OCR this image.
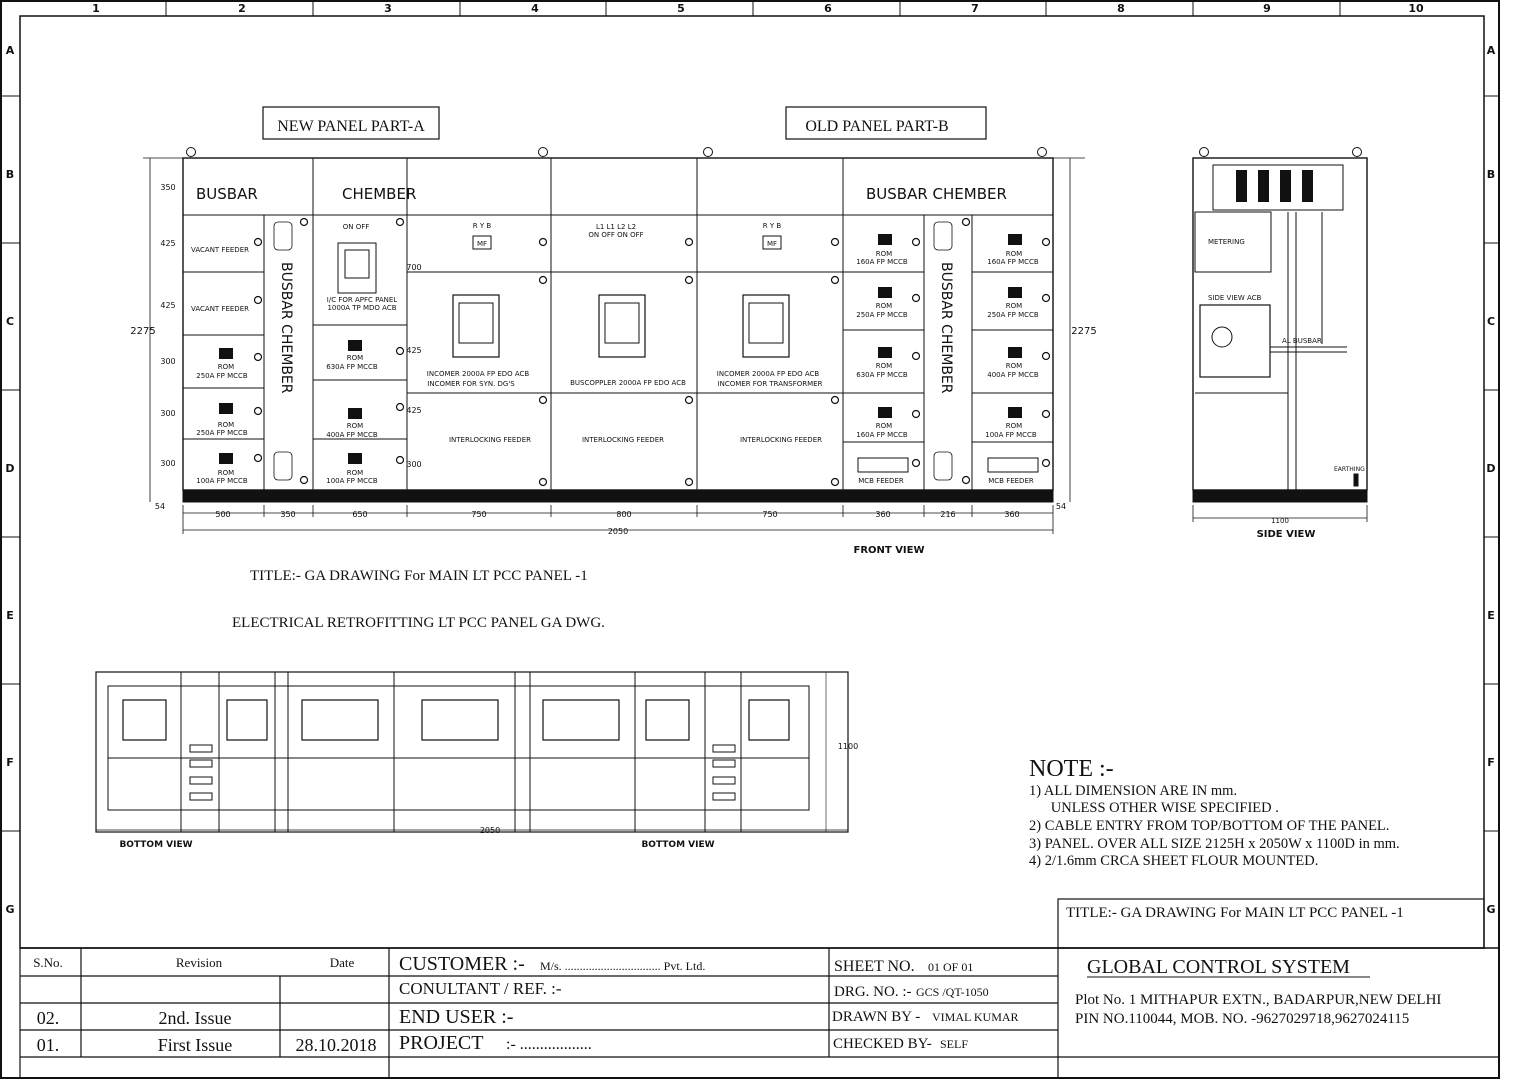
1	2	3	4	5	6	7	8	9	10
A
B
C
D
E
F
G
A
B
C
D
E
F
G
NEW PANEL PART-A	OLD PANEL PART-B
BUSBAR	CHEMBER	BUSBAR CHEMBER
BUSBAR CHEMBER	BUSBAR CHEMBER
VACANT FEEDER
VACANT FEEDER
ROM
250A FP MCCB
ROM
250A FP MCCB
ROM
100A FP MCCB
ON OFF
I/C FOR APFC PANEL
1000A TP MDO ACB
ROM
630A FP MCCB
ROM
400A FP MCCB
ROM
100A FP MCCB
R Y B
MF
L1 L1 L2 L2
ON OFF ON OFF
R Y B
MF
INCOMER 2000A FP EDO ACB
INCOMER FOR SYN. DG'S	BUSCOPPLER 2000A FP EDO ACB
INCOMER 2000A FP EDO ACB
INCOMER FOR TRANSFORMER
INTERLOCKING FEEDER	INTERLOCKING FEEDER	INTERLOCKING FEEDER
ROM
160A FP MCCB
ROM
250A FP MCCB
ROM
630A FP MCCB
ROM
160A FP MCCB
MCB FEEDER
ROM
160A FP MCCB
ROM
250A FP MCCB
ROM
400A FP MCCB
ROM
100A FP MCCB
MCB FEEDER
350
425
425
300
300
300
700
425
425
300
2275	2275
500	350	650	750	800	750	360	216	360
2050
54	54
FRONT VIEW
METERING
SIDE VIEW ACB
AL BUSBAR
EARTHING
1100
SIDE VIEW
TITLE:- GA DRAWING For MAIN LT PCC PANEL -1
ELECTRICAL RETROFITTING LT PCC PANEL GA DWG.
BOTTOM VIEW	BOTTOM VIEW
2050
1100
NOTE :-
1) ALL DIMENSION ARE IN mm.
UNLESS OTHER WISE SPECIFIED .
2) CABLE ENTRY FROM TOP/BOTTOM OF THE PANEL.
3) PANEL. OVER ALL SIZE 2125H x 2050W x 1100D in mm.
4) 2/1.6mm CRCA SHEET FLOUR MOUNTED.
TITLE:- GA DRAWING For MAIN LT PCC PANEL -1
S.No.	Revision	Date
02.	2nd. Issue
01.	First Issue	28.10.2018
CUSTOMER :- M/s. ................................ Pvt. Ltd.
CONULTANT / REF. :-
END USER :-
PROJECT :- ..................
SHEET NO. 01 OF 01
DRG. NO. :- GCS /QT-1050
DRAWN BY - VIMAL KUMAR
CHECKED BY- SELF
GLOBAL CONTROL SYSTEM
Plot No. 1 MITHAPUR EXTN., BADARPUR,NEW DELHI
PIN NO.110044, MOB. NO. -9627029718,9627024115
